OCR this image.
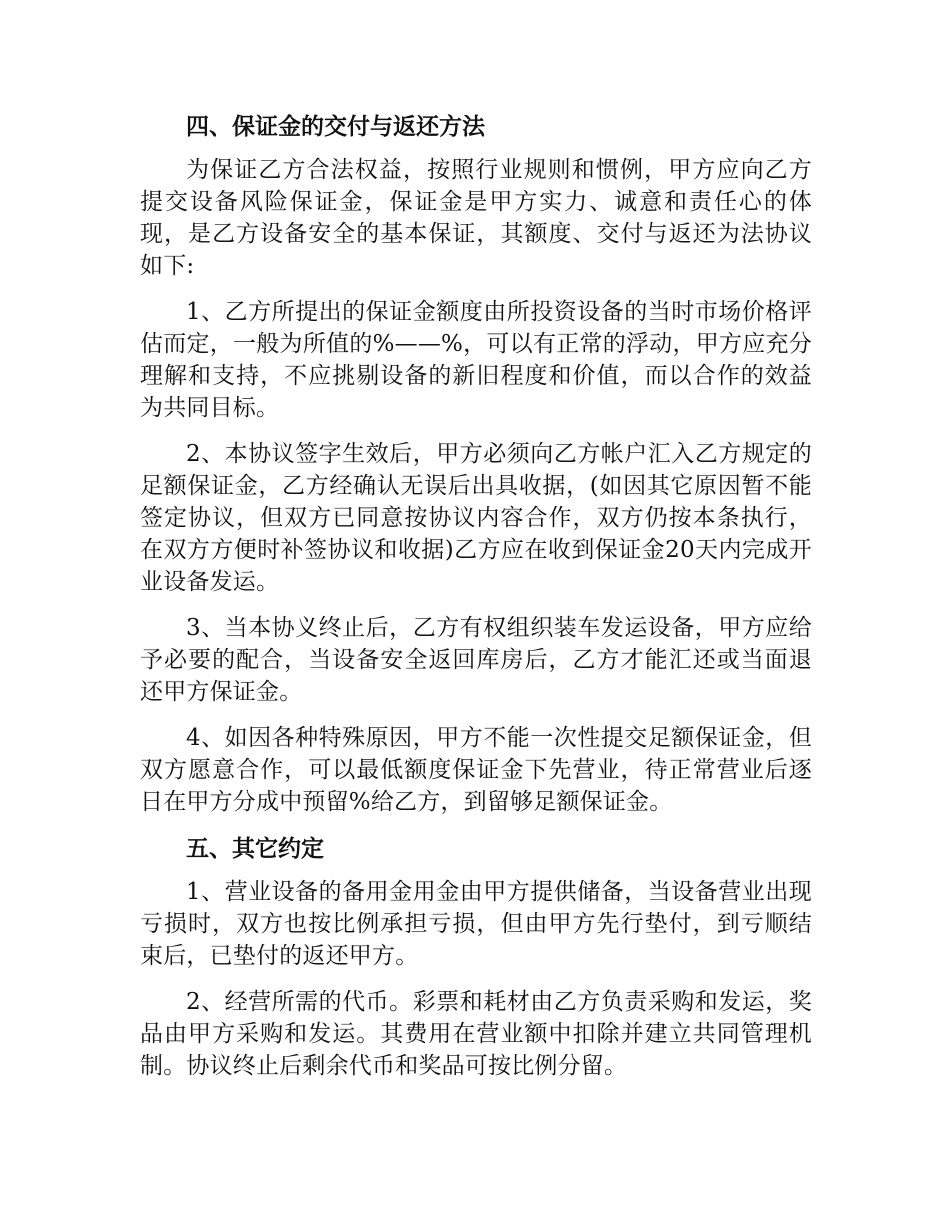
四、保证金的交付与返还方法

为保证乙方合法权益，按照行业规则和惯例，甲方应向乙方提交设备风险保证金，保证金是甲方实力、诚意和责任心的体现，是乙方设备安全的基本保证，其额度、交付与返还为法协议如下:

1、乙方所提出的保证金额度由所投资设备的当时市场价格评估而定，一般为所值的%——%，可以有正常的浮动，甲方应充分理解和支持，不应挑剔设备的新旧程度和价值，而以合作的效益为共同目标。

2、本协议签字生效后，甲方必须向乙方帐户汇入乙方规定的足额保证金，乙方经确认无误后出具收据，(如因其它原因暂不能签定协议，但双方已同意按协议内容合作，双方仍按本条执行，在双方方便时补签协议和收据)乙方应在收到保证金20天内完成开业设备发运。

3、当本协义终止后，乙方有权组织装车发运设备，甲方应给予必要的配合，当设备安全返回库房后，乙方才能汇还或当面退还甲方保证金。

4、如因各种特殊原因，甲方不能一次性提交足额保证金，但双方愿意合作，可以最低额度保证金下先营业，待正常营业后逐日在甲方分成中预留%给乙方，到留够足额保证金。

五、其它约定

1、营业设备的备用金用金由甲方提供储备，当设备营业出现亏损时，双方也按比例承担亏损，但由甲方先行垫付，到亏顺结束后，已垫付的返还甲方。

2、经营所需的代币。彩票和耗材由乙方负责采购和发运，奖品由甲方采购和发运。其费用在营业额中扣除并建立共同管理机制。协议终止后剩余代币和奖品可按比例分留。
